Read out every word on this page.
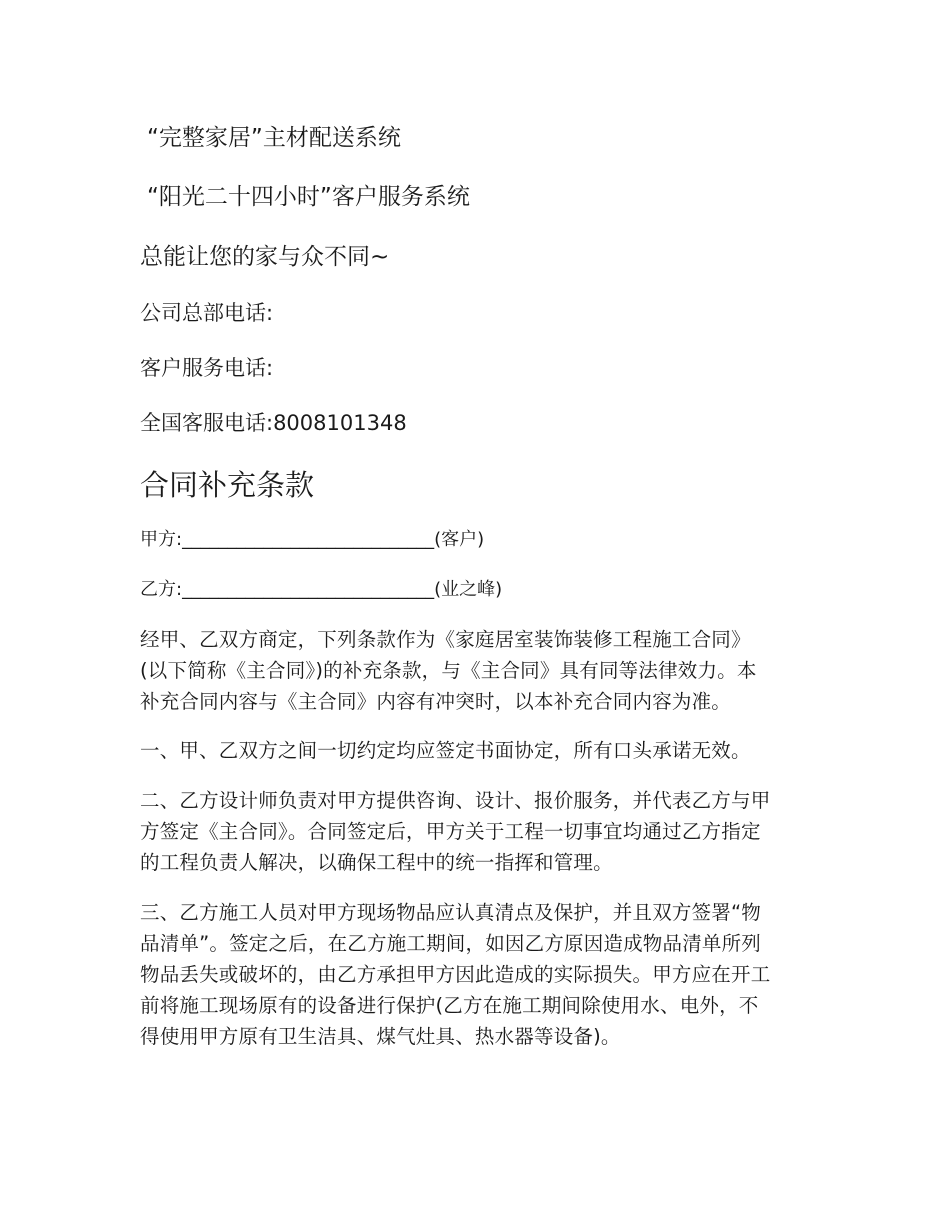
“完整家居”主材配送系统
“阳光二十四小时”客户服务系统
总能让您的家与众不同~
公司总部电话:
客户服务电话:
全国客服电话:8008101348
合同补充条款
甲方:____________________________(客户)
乙方:____________________________(业之峰)
经甲、乙双方商定，下列条款作为《家庭居室装饰装修工程施工合同》
(以下简称《主合同》)的补充条款，与《主合同》具有同等法律效力。本
补充合同内容与《主合同》内容有冲突时，以本补充合同内容为准。
一、甲、乙双方之间一切约定均应签定书面协定，所有口头承诺无效。
二、乙方设计师负责对甲方提供咨询、设计、报价服务，并代表乙方与甲
方签定《主合同》。合同签定后，甲方关于工程一切事宜均通过乙方指定
的工程负责人解决，以确保工程中的统一指挥和管理。
三、乙方施工人员对甲方现场物品应认真清点及保护，并且双方签署“物
品清单”。签定之后，在乙方施工期间，如因乙方原因造成物品清单所列
物品丢失或破坏的，由乙方承担甲方因此造成的实际损失。甲方应在开工
前将施工现场原有的设备进行保护(乙方在施工期间除使用水、电外，不
得使用甲方原有卫生洁具、煤气灶具、热水器等设备)。
